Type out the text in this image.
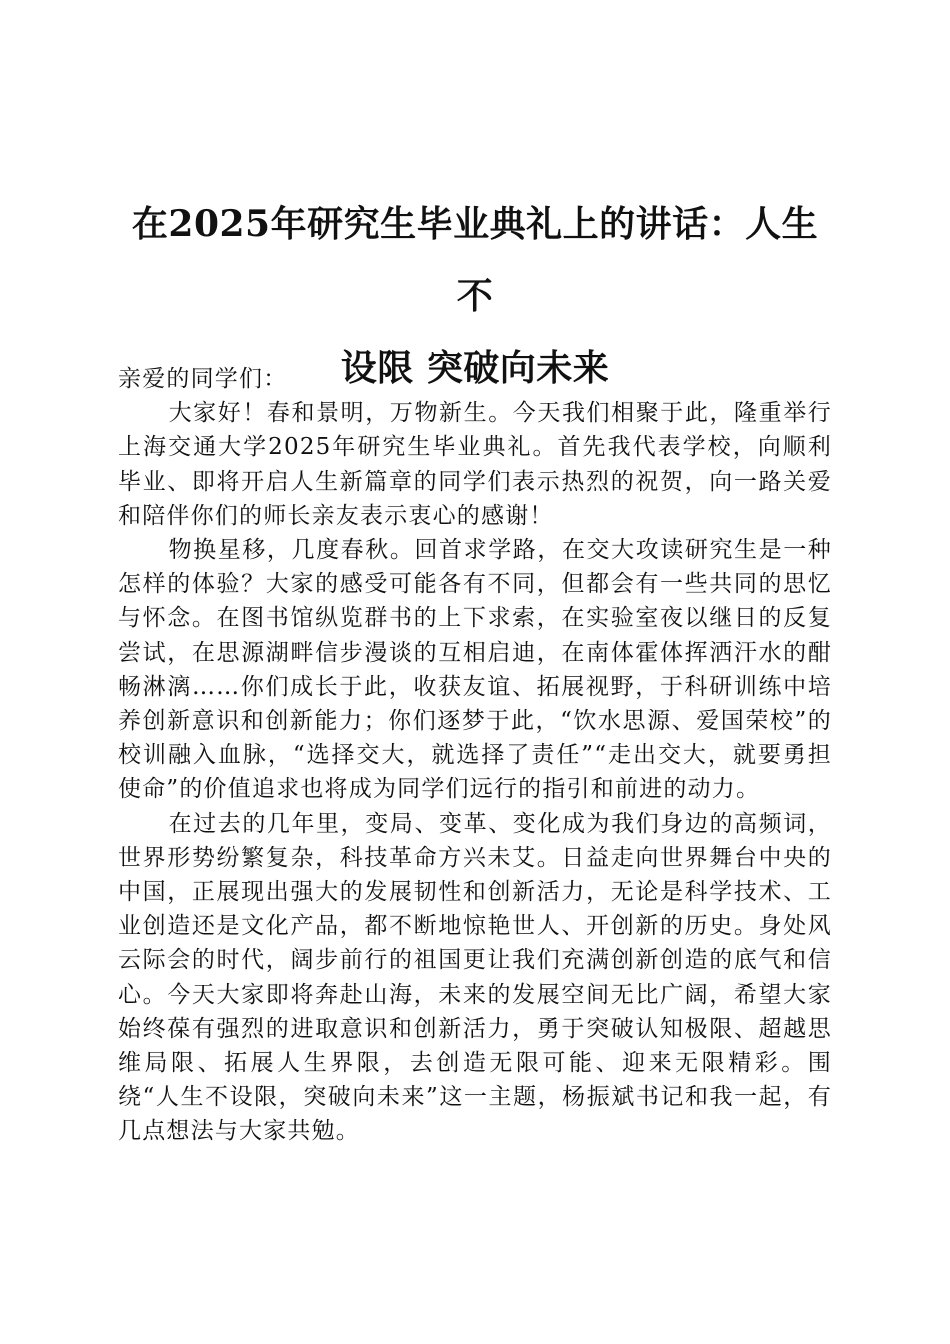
在2025年研究生毕业典礼上的讲话：人生不
设限 突破向未来

亲爱的同学们：

大家好！春和景明，万物新生。今天我们相聚于此，隆重举行上海交通大学2025年研究生毕业典礼。首先我代表学校，向顺利毕业、即将开启人生新篇章的同学们表示热烈的祝贺，向一路关爱和陪伴你们的师长亲友表示衷心的感谢！

物换星移，几度春秋。回首求学路，在交大攻读研究生是一种怎样的体验？大家的感受可能各有不同，但都会有一些共同的思忆与怀念。在图书馆纵览群书的上下求索，在实验室夜以继日的反复尝试，在思源湖畔信步漫谈的互相启迪，在南体霍体挥洒汗水的酣畅淋漓……你们成长于此，收获友谊、拓展视野，于科研训练中培养创新意识和创新能力；你们逐梦于此，“饮水思源、爱国荣校”的校训融入血脉，“选择交大，就选择了责任”“走出交大，就要勇担使命”的价值追求也将成为同学们远行的指引和前进的动力。

在过去的几年里，变局、变革、变化成为我们身边的高频词，世界形势纷繁复杂，科技革命方兴未艾。日益走向世界舞台中央的中国，正展现出强大的发展韧性和创新活力，无论是科学技术、工业创造还是文化产品，都不断地惊艳世人、开创新的历史。身处风云际会的时代，阔步前行的祖国更让我们充满创新创造的底气和信心。今天大家即将奔赴山海，未来的发展空间无比广阔，希望大家始终葆有强烈的进取意识和创新活力，勇于突破认知极限、超越思维局限、拓展人生界限，去创造无限可能、迎来无限精彩。围绕“人生不设限，突破向未来”这一主题，杨振斌书记和我一起，有几点想法与大家共勉。
